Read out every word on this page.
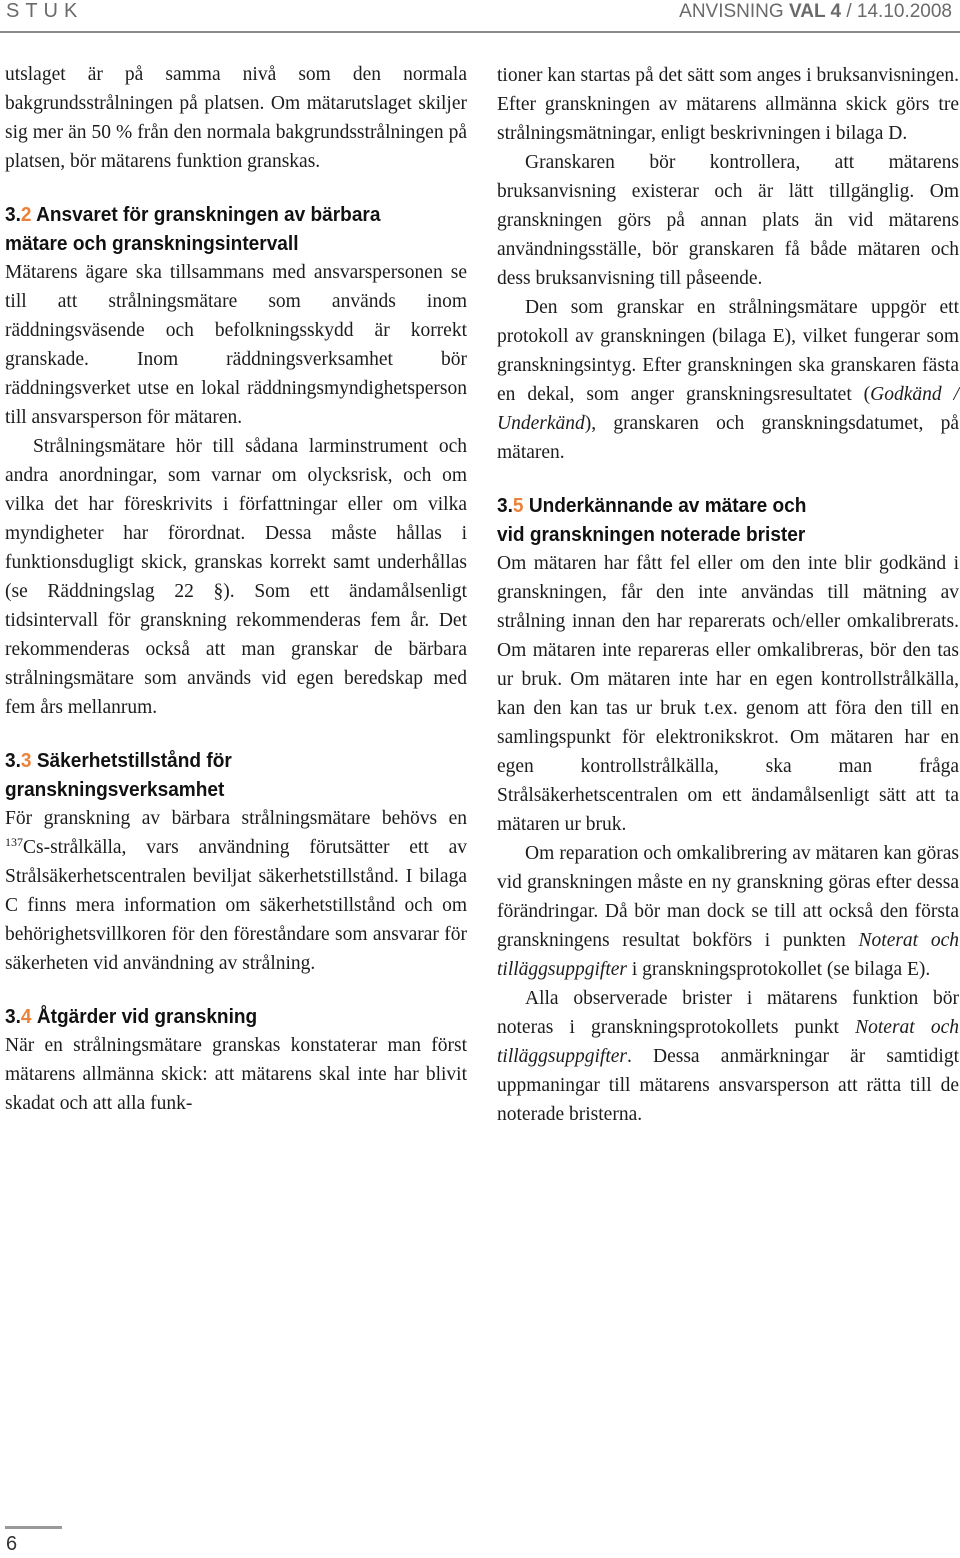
STUK	ANVISNING VAL 4 / 14.10.2008

utslaget är på samma nivå som den normala bakgrundsstrålningen på platsen. Om mätarutslaget skiljer sig mer än 50 % från den normala bakgrundsstrålningen på platsen, bör mätarens funktion granskas.

3.2 Ansvaret för granskningen av bärbara
mätare och granskningsintervall

Mätarens ägare ska tillsammans med ansvarspersonen se till att strålningsmätare som används inom räddningsväsende och befolkningsskydd är korrekt granskade. Inom räddningsverksamhet bör räddningsverket utse en lokal räddningsmyndighetsperson till ansvarsperson för mätaren.

Strålningsmätare hör till sådana larminstrument och andra anordningar, som varnar om olycksrisk, och om vilka det har föreskrivits i författningar eller om vilka myndigheter har förordnat. Dessa måste hållas i funktionsdugligt skick, granskas korrekt samt underhållas (se Räddningslag 22 §). Som ett ändamålsenligt tidsintervall för granskning rekommenderas fem år. Det rekommenderas också att man granskar de bärbara strålningsmätare som används vid egen beredskap med fem års mellanrum.

3.3 Säkerhetstillstånd för
granskningsverksamhet

För granskning av bärbara strålningsmätare behövs en $^{137}$Cs-strålkälla, vars användning förutsätter ett av Strålsäkerhetscentralen beviljat säkerhetstillstånd. I bilaga C finns mera information om säkerhetstillstånd och om behörighetsvillkoren för den föreståndare som ansvarar för säkerheten vid användning av strålning.

3.4 Åtgärder vid granskning

När en strålningsmätare granskas konstaterar man först mätarens allmänna skick: att mätarens skal inte har blivit skadat och att alla funk-

tioner kan startas på det sätt som anges i bruksanvisningen. Efter granskningen av mätarens allmänna skick görs tre strålningsmätningar, enligt beskrivningen i bilaga D.

Granskaren bör kontrollera, att mätarens bruksanvisning existerar och är lätt tillgänglig. Om granskningen görs på annan plats än vid mätarens användningsställe, bör granskaren få både mätaren och dess bruksanvisning till påseende.

Den som granskar en strålningsmätare uppgör ett protokoll av granskningen (bilaga E), vilket fungerar som granskningsintyg. Efter granskningen ska granskaren fästa en dekal, som anger granskningsresultatet (Godkänd / Underkänd), granskaren och granskningsdatumet, på mätaren.

3.5 Underkännande av mätare och
vid granskningen noterade brister

Om mätaren har fått fel eller om den inte blir godkänd i granskningen, får den inte användas till mätning av strålning innan den har reparerats och/eller omkalibrerats. Om mätaren inte repareras eller omkalibreras, bör den tas ur bruk. Om mätaren inte har en egen kontrollstrålkälla, kan den kan tas ur bruk t.ex. genom att föra den till en samlingspunkt för elektronikskrot. Om mätaren har en egen kontrollstrålkälla, ska man fråga Strålsäkerhetscentralen om ett ändamålsenligt sätt att ta mätaren ur bruk.

Om reparation och omkalibrering av mätaren kan göras vid granskningen måste en ny granskning göras efter dessa förändringar. Då bör man dock se till att också den första granskningens resultat bokförs i punkten Noterat och tilläggsuppgifter i granskningsprotokollet (se bilaga E).

Alla observerade brister i mätarens funktion bör noteras i granskningsprotokollets punkt Noterat och tilläggsuppgifter. Dessa anmärkningar är samtidigt uppmaningar till mätarens ansvarsperson att rätta till de noterade bristerna.

6
